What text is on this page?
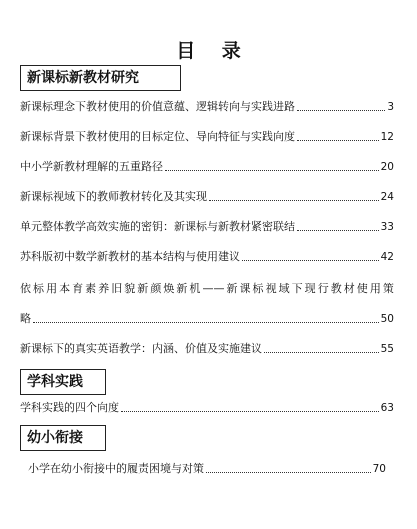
目 录
新课标新教材研究
新课标理念下教材使用的价值意蕴、逻辑转向与实践进路	3
新课标背景下教材使用的目标定位、导向特征与实践向度	12
中小学新教材理解的五重路径	20
新课标视域下的教师教材转化及其实现	24
单元整体教学高效实施的密钥：新课标与新教材紧密联结	33
苏科版初中数学新教材的基本结构与使用建议	42
依 标 用 本 育 素 养 旧 貌 新 颜 焕 新 机 —— 新 课 标 视 域 下 现 行 教 材 使 用 策
略	50
新课标下的真实英语教学：内涵、价值及实施建议	55
学科实践
学科实践的四个向度	63
幼小衔接
小学在幼小衔接中的履责困境与对策	70
